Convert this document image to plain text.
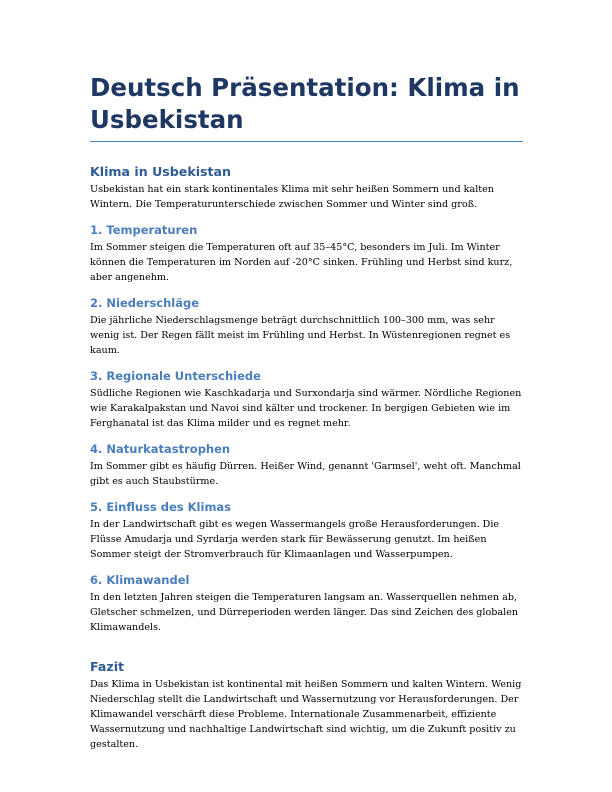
Deutsch Präsentation: Klima in Usbekistan
Klima in Usbekistan

Usbekistan hat ein stark kontinentales Klima mit sehr heißen Sommern und kalten Wintern. Die Temperaturunterschiede zwischen Sommer und Winter sind groß.

1. Temperaturen

Im Sommer steigen die Temperaturen oft auf 35–45°C, besonders im Juli. Im Winter können die Temperaturen im Norden auf -20°C sinken. Frühling und Herbst sind kurz, aber angenehm.

2. Niederschläge

Die jährliche Niederschlagsmenge beträgt durchschnittlich 100–300 mm, was sehr wenig ist. Der Regen fällt meist im Frühling und Herbst. In Wüstenregionen regnet es kaum.

3. Regionale Unterschiede

Südliche Regionen wie Kaschkadarja und Surxondarja sind wärmer. Nördliche Regionen wie Karakalpakstan und Navoi sind kälter und trockener. In bergigen Gebieten wie im Ferghanatal ist das Klima milder und es regnet mehr.

4. Naturkatastrophen

Im Sommer gibt es häufig Dürren. Heißer Wind, genannt 'Garmsel', weht oft. Manchmal gibt es auch Staubstürme.

5. Einfluss des Klimas

In der Landwirtschaft gibt es wegen Wassermangels große Herausforderungen. Die Flüsse Amudarja und Syrdarja werden stark für Bewässerung genutzt. Im heißen Sommer steigt der Stromverbrauch für Klimaanlagen und Wasserpumpen.

6. Klimawandel

In den letzten Jahren steigen die Temperaturen langsam an. Wasserquellen nehmen ab, Gletscher schmelzen, und Dürreperioden werden länger. Das sind Zeichen des globalen Klimawandels.

Fazit

Das Klima in Usbekistan ist kontinental mit heißen Sommern und kalten Wintern. Wenig Niederschlag stellt die Landwirtschaft und Wassernutzung vor Herausforderungen. Der Klimawandel verschärft diese Probleme. Internationale Zusammenarbeit, effiziente Wassernutzung und nachhaltige Landwirtschaft sind wichtig, um die Zukunft positiv zu gestalten.
